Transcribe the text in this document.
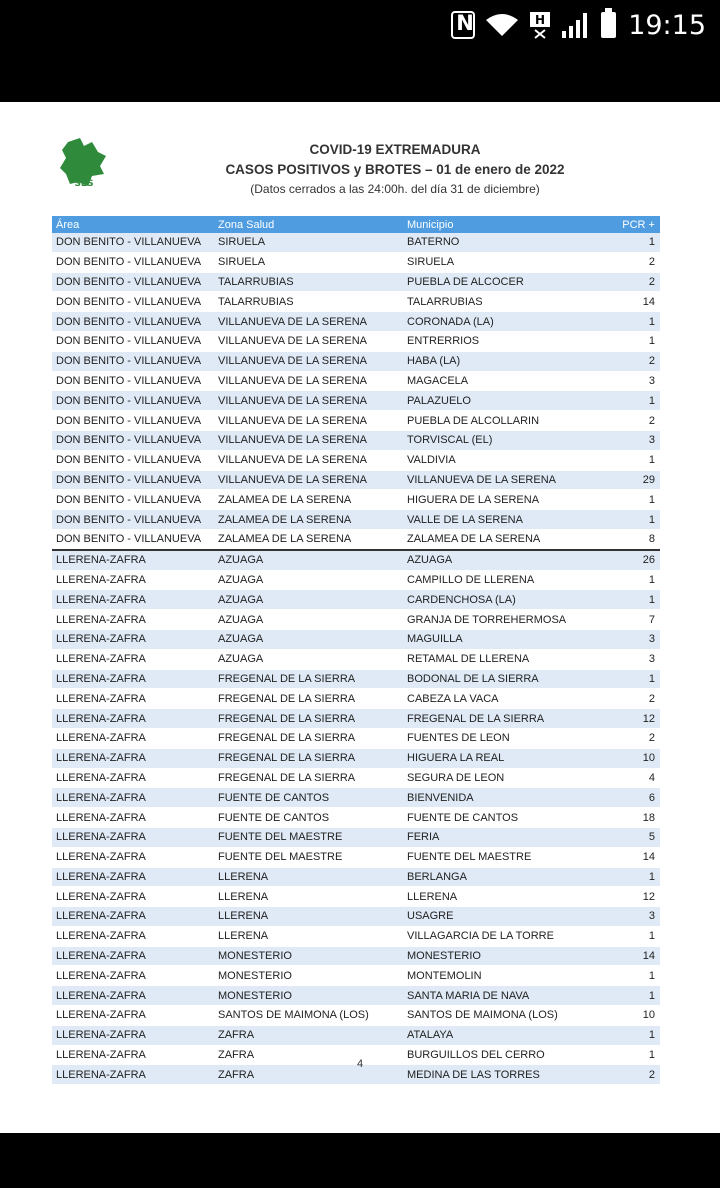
N
H	19:15
SES
COVID-19 EXTREMADURA
CASOS POSITIVOS y BROTES – 01 de enero de 2022
(Datos cerrados a las 24:00h. del día 31 de diciembre)
Área	Zona Salud	Municipio	PCR +
DON BENITO - VILLANUEVA	SIRUELA	BATERNO	1
DON BENITO - VILLANUEVA	SIRUELA	SIRUELA	2
DON BENITO - VILLANUEVA	TALARRUBIAS	PUEBLA DE ALCOCER	2
DON BENITO - VILLANUEVA	TALARRUBIAS	TALARRUBIAS	14
DON BENITO - VILLANUEVA	VILLANUEVA DE LA SERENA	CORONADA (LA)	1
DON BENITO - VILLANUEVA	VILLANUEVA DE LA SERENA	ENTRERRIOS	1
DON BENITO - VILLANUEVA	VILLANUEVA DE LA SERENA	HABA (LA)	2
DON BENITO - VILLANUEVA	VILLANUEVA DE LA SERENA	MAGACELA	3
DON BENITO - VILLANUEVA	VILLANUEVA DE LA SERENA	PALAZUELO	1
DON BENITO - VILLANUEVA	VILLANUEVA DE LA SERENA	PUEBLA DE ALCOLLARIN	2
DON BENITO - VILLANUEVA	VILLANUEVA DE LA SERENA	TORVISCAL (EL)	3
DON BENITO - VILLANUEVA	VILLANUEVA DE LA SERENA	VALDIVIA	1
DON BENITO - VILLANUEVA	VILLANUEVA DE LA SERENA	VILLANUEVA DE LA SERENA	29
DON BENITO - VILLANUEVA	ZALAMEA DE LA SERENA	HIGUERA DE LA SERENA	1
DON BENITO - VILLANUEVA	ZALAMEA DE LA SERENA	VALLE DE LA SERENA	1
DON BENITO - VILLANUEVA	ZALAMEA DE LA SERENA	ZALAMEA DE LA SERENA	8
LLERENA-ZAFRA	AZUAGA	AZUAGA	26
LLERENA-ZAFRA	AZUAGA	CAMPILLO DE LLERENA	1
LLERENA-ZAFRA	AZUAGA	CARDENCHOSA (LA)	1
LLERENA-ZAFRA	AZUAGA	GRANJA DE TORREHERMOSA	7
LLERENA-ZAFRA	AZUAGA	MAGUILLA	3
LLERENA-ZAFRA	AZUAGA	RETAMAL DE LLERENA	3
LLERENA-ZAFRA	FREGENAL DE LA SIERRA	BODONAL DE LA SIERRA	1
LLERENA-ZAFRA	FREGENAL DE LA SIERRA	CABEZA LA VACA	2
LLERENA-ZAFRA	FREGENAL DE LA SIERRA	FREGENAL DE LA SIERRA	12
LLERENA-ZAFRA	FREGENAL DE LA SIERRA	FUENTES DE LEON	2
LLERENA-ZAFRA	FREGENAL DE LA SIERRA	HIGUERA LA REAL	10
LLERENA-ZAFRA	FREGENAL DE LA SIERRA	SEGURA DE LEON	4
LLERENA-ZAFRA	FUENTE DE CANTOS	BIENVENIDA	6
LLERENA-ZAFRA	FUENTE DE CANTOS	FUENTE DE CANTOS	18
LLERENA-ZAFRA	FUENTE DEL MAESTRE	FERIA	5
LLERENA-ZAFRA	FUENTE DEL MAESTRE	FUENTE DEL MAESTRE	14
LLERENA-ZAFRA	LLERENA	BERLANGA	1
LLERENA-ZAFRA	LLERENA	LLERENA	12
LLERENA-ZAFRA	LLERENA	USAGRE	3
LLERENA-ZAFRA	LLERENA	VILLAGARCIA DE LA TORRE	1
LLERENA-ZAFRA	MONESTERIO	MONESTERIO	14
LLERENA-ZAFRA	MONESTERIO	MONTEMOLIN	1
LLERENA-ZAFRA	MONESTERIO	SANTA MARIA DE NAVA	1
LLERENA-ZAFRA	SANTOS DE MAIMONA (LOS)	SANTOS DE MAIMONA (LOS)	10
LLERENA-ZAFRA	ZAFRA	ATALAYA	1
LLERENA-ZAFRA	ZAFRA	BURGUILLOS DEL CERRO	1
LLERENA-ZAFRA	ZAFRA	MEDINA DE LAS TORRES	2
4
